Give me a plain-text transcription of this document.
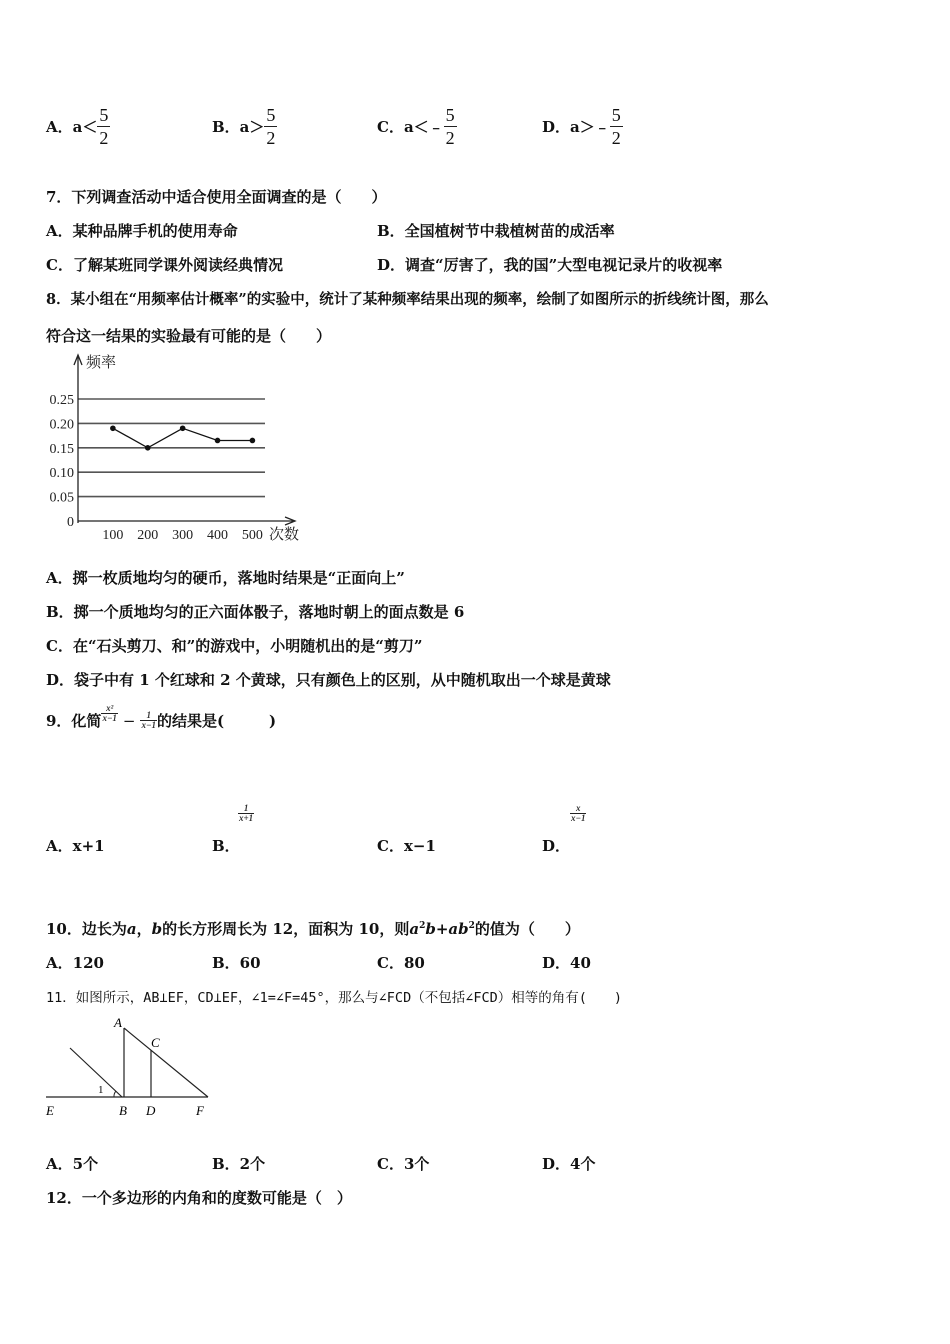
A．$a< \frac{5}{2}$	B．$a> \frac{5}{2}$	C．a＜﹣ $\frac{5}{2}$	D．a＞﹣ $\frac{5}{2}$
7．下列调查活动中适合使用全面调查的是（　　）
A．某种品牌手机的使用寿命	B．全国植树节中栽植树苗的成活率
C．了解某班同学课外阅读经典情况	D．调查“厉害了，我的国”大型电视记录片的收视率
8．某小组在“用频率估计概率”的实验中，统计了某种频率结果出现的频率，绘制了如图所示的折线统计图，那么
符合这一结果的实验最有可能的是（　　）
0
0.05
0.10
0.15
0.20
0.25
频率
次数
100 200 300 400 500
A．掷一枚质地均匀的硬币，落地时结果是“正面向上”
B．掷一个质地均匀的正六面体骰子，落地时朝上的面点数是 6
C．在“石头剪刀、和”的游戏中，小明随机出的是“剪刀”
D．袋子中有 1 个红球和 2 个黄球，只有颜色上的区别，从中随机取出一个球是黄球
9．化简 $\frac{\text{x²}}{x-1} - \frac{1}{x-1}$ 的结果是(　　　)
A．x+1	B．
$\frac{1}{x+1}$
C．x−1	D．
$\frac{x}{x-1}$
10．边长为a，b的长方形周长为 12，面积为 10，则$a^2b+ab^2$的值为（　　）
A．120	B．60	C．80	D．40
11．如图所示，AB⊥EF，CD⊥EF，∠1=∠F=45°，那么与∠FCD（不包括∠FCD）相等的角有(　　)
A
C
1
E	B D	F
A．5个	B．2个	C．3个	D．4个
12．一个多边形的内角和的度数可能是（　）
